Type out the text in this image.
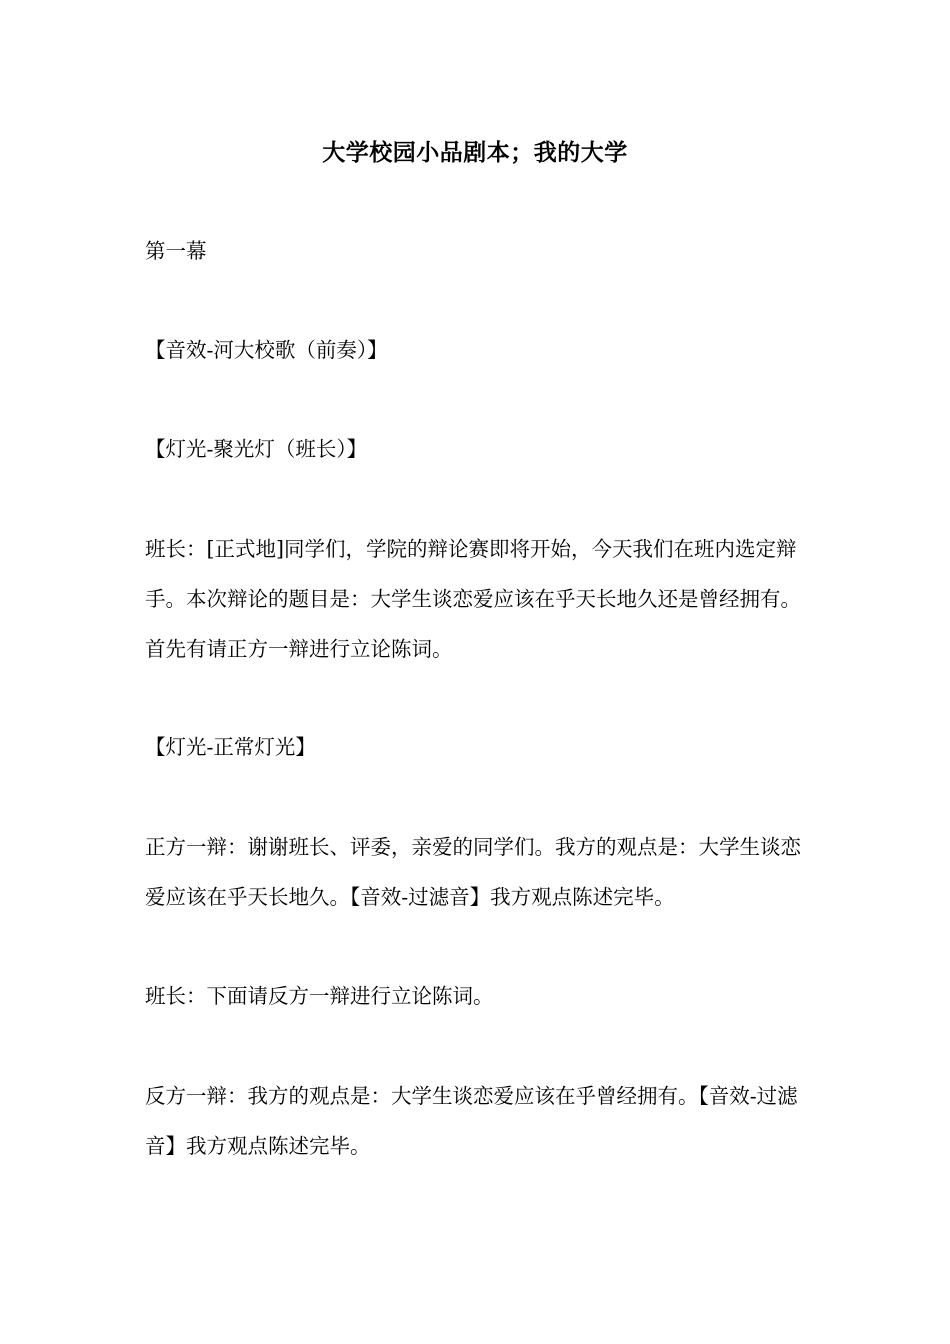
大学校园小品剧本；我的大学

第一幕

【音效-河大校歌（前奏）】

【灯光-聚光灯（班长）】

班长：[正式地]同学们，学院的辩论赛即将开始，今天我们在班内选定辩手。本次辩论的题目是：大学生谈恋爱应该在乎天长地久还是曾经拥有。首先有请正方一辩进行立论陈词。

【灯光-正常灯光】

正方一辩：谢谢班长、评委，亲爱的同学们。我方的观点是：大学生谈恋爱应该在乎天长地久。【音效-过滤音】我方观点陈述完毕。

班长：下面请反方一辩进行立论陈词。

反方一辩：我方的观点是：大学生谈恋爱应该在乎曾经拥有。【音效-过滤音】我方观点陈述完毕。
